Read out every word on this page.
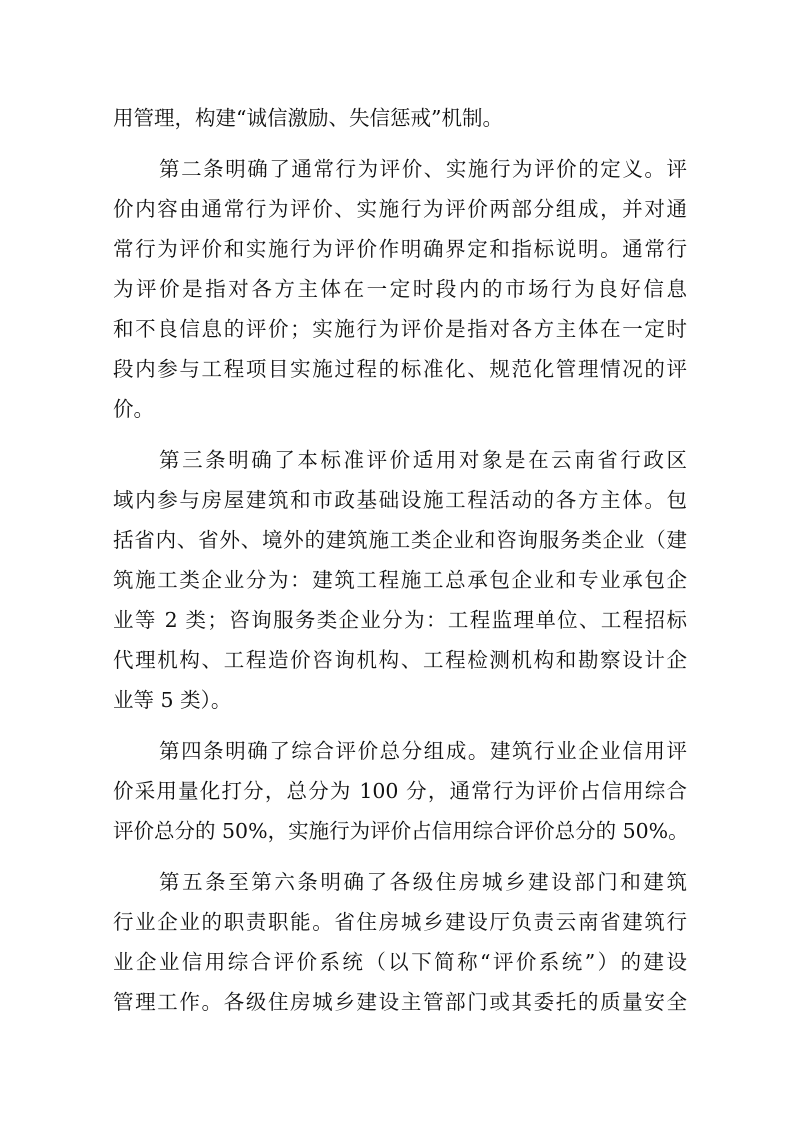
用管理，构建“诚信激励、失信惩戒”机制。
第二条明确了通常行为评价、实施行为评价的定义。评
价内容由通常行为评价、实施行为评价两部分组成，并对通
常行为评价和实施行为评价作明确界定和指标说明。通常行
为评价是指对各方主体在一定时段内的市场行为良好信息
和不良信息的评价；实施行为评价是指对各方主体在一定时
段内参与工程项目实施过程的标准化、规范化管理情况的评
价。
第三条明确了本标准评价适用对象是在云南省行政区
域内参与房屋建筑和市政基础设施工程活动的各方主体。包
括省内、省外、境外的建筑施工类企业和咨询服务类企业（建
筑施工类企业分为：建筑工程施工总承包企业和专业承包企
业等 2 类；咨询服务类企业分为：工程监理单位、工程招标
代理机构、工程造价咨询机构、工程检测机构和勘察设计企
业等 5 类）。
第四条明确了综合评价总分组成。建筑行业企业信用评
价采用量化打分，总分为 100 分，通常行为评价占信用综合
评价总分的 50%，实施行为评价占信用综合评价总分的 50%。
第五条至第六条明确了各级住房城乡建设部门和建筑
行业企业的职责职能。省住房城乡建设厅负责云南省建筑行
业企业信用综合评价系统（以下简称“评价系统”）的建设
管理工作。各级住房城乡建设主管部门或其委托的质量安全
